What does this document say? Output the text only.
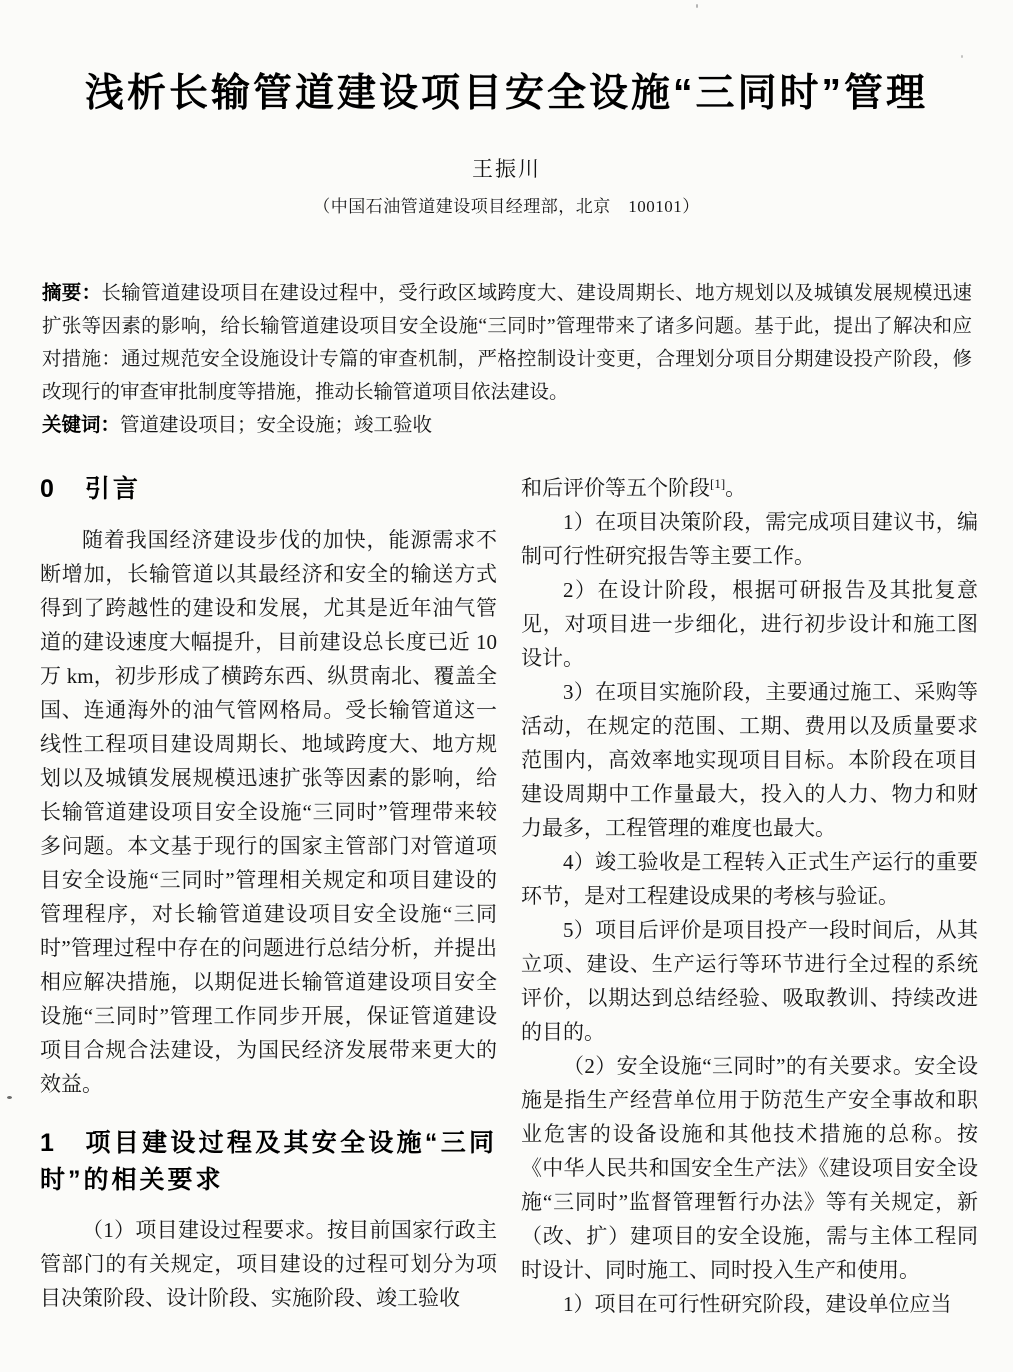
浅析长输管道建设项目安全设施“三同时”管理
王振川
（中国石油管道建设项目经理部，北京　100101）

摘要：长输管道建设项目在建设过程中，受行政区域跨度大、建设周期长、地方规划以及城镇发展规模迅速扩张等因素的影响，给长输管道建设项目安全设施“三同时”管理带来了诸多问题。基于此，提出了解决和应对措施：通过规范安全设施设计专篇的审查机制，严格控制设计变更，合理划分项目分期建设投产阶段，修改现行的审查审批制度等措施，推动长输管道项目依法建设。

关键词：管道建设项目；安全设施；竣工验收

0　引言

随着我国经济建设步伐的加快，能源需求不断增加，长输管道以其最经济和安全的输送方式得到了跨越性的建设和发展，尤其是近年油气管道的建设速度大幅提升，目前建设总长度已近 10 万 km，初步形成了横跨东西、纵贯南北、覆盖全国、连通海外的油气管网格局。受长输管道这一线性工程项目建设周期长、地域跨度大、地方规划以及城镇发展规模迅速扩张等因素的影响，给长输管道建设项目安全设施“三同时”管理带来较多问题。本文基于现行的国家主管部门对管道项目安全设施“三同时”管理相关规定和项目建设的管理程序，对长输管道建设项目安全设施“三同时”管理过程中存在的问题进行总结分析，并提出相应解决措施，以期促进长输管道建设项目安全设施“三同时”管理工作同步开展，保证管道建设项目合规合法建设，为国民经济发展带来更大的效益。

1　项目建设过程及其安全设施“三同时”的相关要求

（1）项目建设过程要求。按目前国家行政主管部门的有关规定，项目建设的过程可划分为项目决策阶段、设计阶段、实施阶段、竣工验收

和后评价等五个阶段[1]。

1）在项目决策阶段，需完成项目建议书，编制可行性研究报告等主要工作。

2）在设计阶段，根据可研报告及其批复意见，对项目进一步细化，进行初步设计和施工图设计。

3）在项目实施阶段，主要通过施工、采购等活动，在规定的范围、工期、费用以及质量要求范围内，高效率地实现项目目标。本阶段在项目建设周期中工作量最大，投入的人力、物力和财力最多，工程管理的难度也最大。

4）竣工验收是工程转入正式生产运行的重要环节，是对工程建设成果的考核与验证。

5）项目后评价是项目投产一段时间后，从其立项、建设、生产运行等环节进行全过程的系统评价，以期达到总结经验、吸取教训、持续改进的目的。

（2）安全设施“三同时”的有关要求。安全设施是指生产经营单位用于防范生产安全事故和职业危害的设备设施和其他技术措施的总称。按《中华人民共和国安全生产法》《建设项目安全设施“三同时”监督管理暂行办法》等有关规定，新（改、扩）建项目的安全设施，需与主体工程同时设计、同时施工、同时投入生产和使用。

1）项目在可行性研究阶段，建设单位应当
